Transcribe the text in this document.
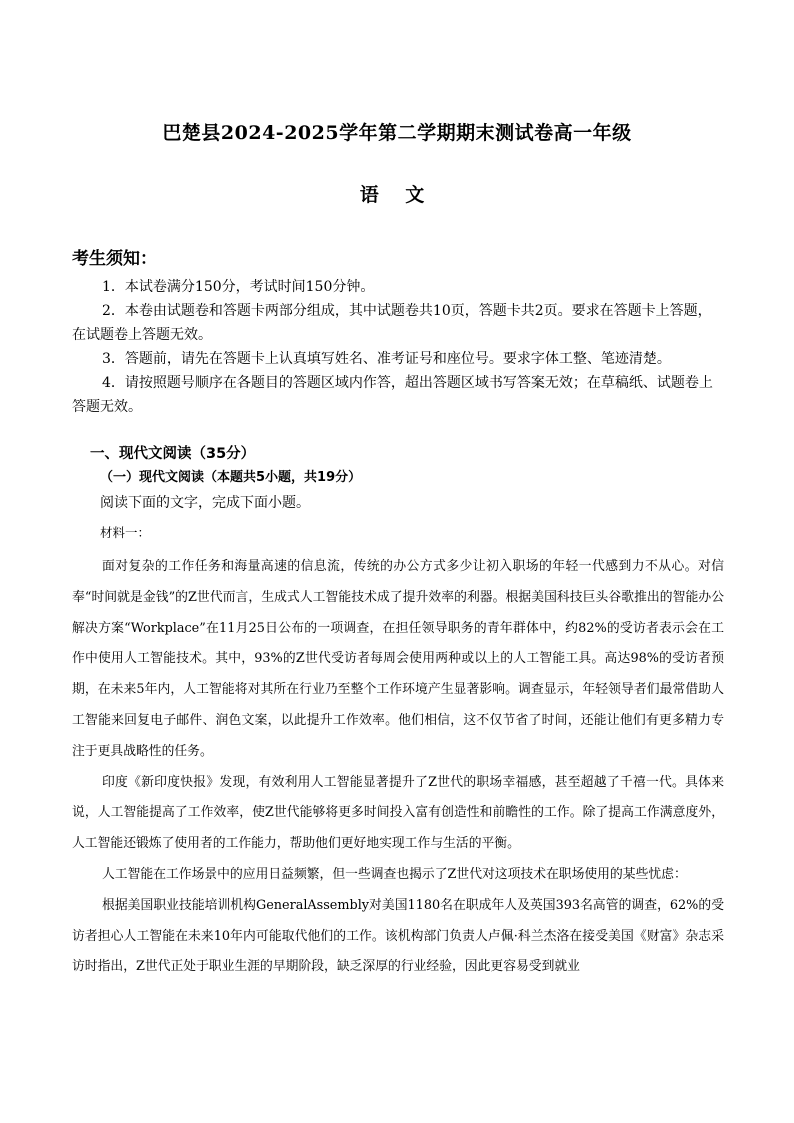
巴楚县2024-2025学年第二学期期末测试卷高一年级
语 文
考生须知：

1．本试卷满分150分，考试时间150分钟。

2．本卷由试题卷和答题卡两部分组成，其中试题卷共10页，答题卡共2页。要求在答题卡上答题，在试题卷上答题无效。

3．答题前，请先在答题卡上认真填写姓名、准考证号和座位号。要求字体工整、笔迹清楚。

4．请按照题号顺序在各题目的答题区域内作答，超出答题区域书写答案无效；在草稿纸、试题卷上答题无效。

一、现代文阅读（35分）
（一）现代文阅读（本题共5小题，共19分）
阅读下面的文字，完成下面小题。
材料一：

面对复杂的工作任务和海量高速的信息流，传统的办公方式多少让初入职场的年轻一代感到力不从心。对信奉“时间就是金钱”的Z世代而言，生成式人工智能技术成了提升效率的利器。根据美国科技巨头谷歌推出的智能办公解决方案“Workplace”在11月25日公布的一项调查，在担任领导职务的青年群体中，约82%的受访者表示会在工作中使用人工智能技术。其中，93%的Z世代受访者每周会使用两种或以上的人工智能工具。高达98%的受访者预期，在未来5年内，人工智能将对其所在行业乃至整个工作环境产生显著影响。调查显示，年轻领导者们最常借助人工智能来回复电子邮件、润色文案，以此提升工作效率。他们相信，这不仅节省了时间，还能让他们有更多精力专注于更具战略性的任务。

印度《新印度快报》发现，有效利用人工智能显著提升了Z世代的职场幸福感，甚至超越了千禧一代。具体来说，人工智能提高了工作效率，使Z世代能够将更多时间投入富有创造性和前瞻性的工作。除了提高工作满意度外，人工智能还锻炼了使用者的工作能力，帮助他们更好地实现工作与生活的平衡。

人工智能在工作场景中的应用日益频繁，但一些调查也揭示了Z世代对这项技术在职场使用的某些忧虑：

根据美国职业技能培训机构GeneralAssembly对美国1180名在职成年人及英国393名高管的调查，62%的受访者担心人工智能在未来10年内可能取代他们的工作。该机构部门负责人卢佩·科兰杰洛在接受美国《财富》杂志采访时指出，Z世代正处于职业生涯的早期阶段，缺乏深厚的行业经验，因此更容易受到就业
